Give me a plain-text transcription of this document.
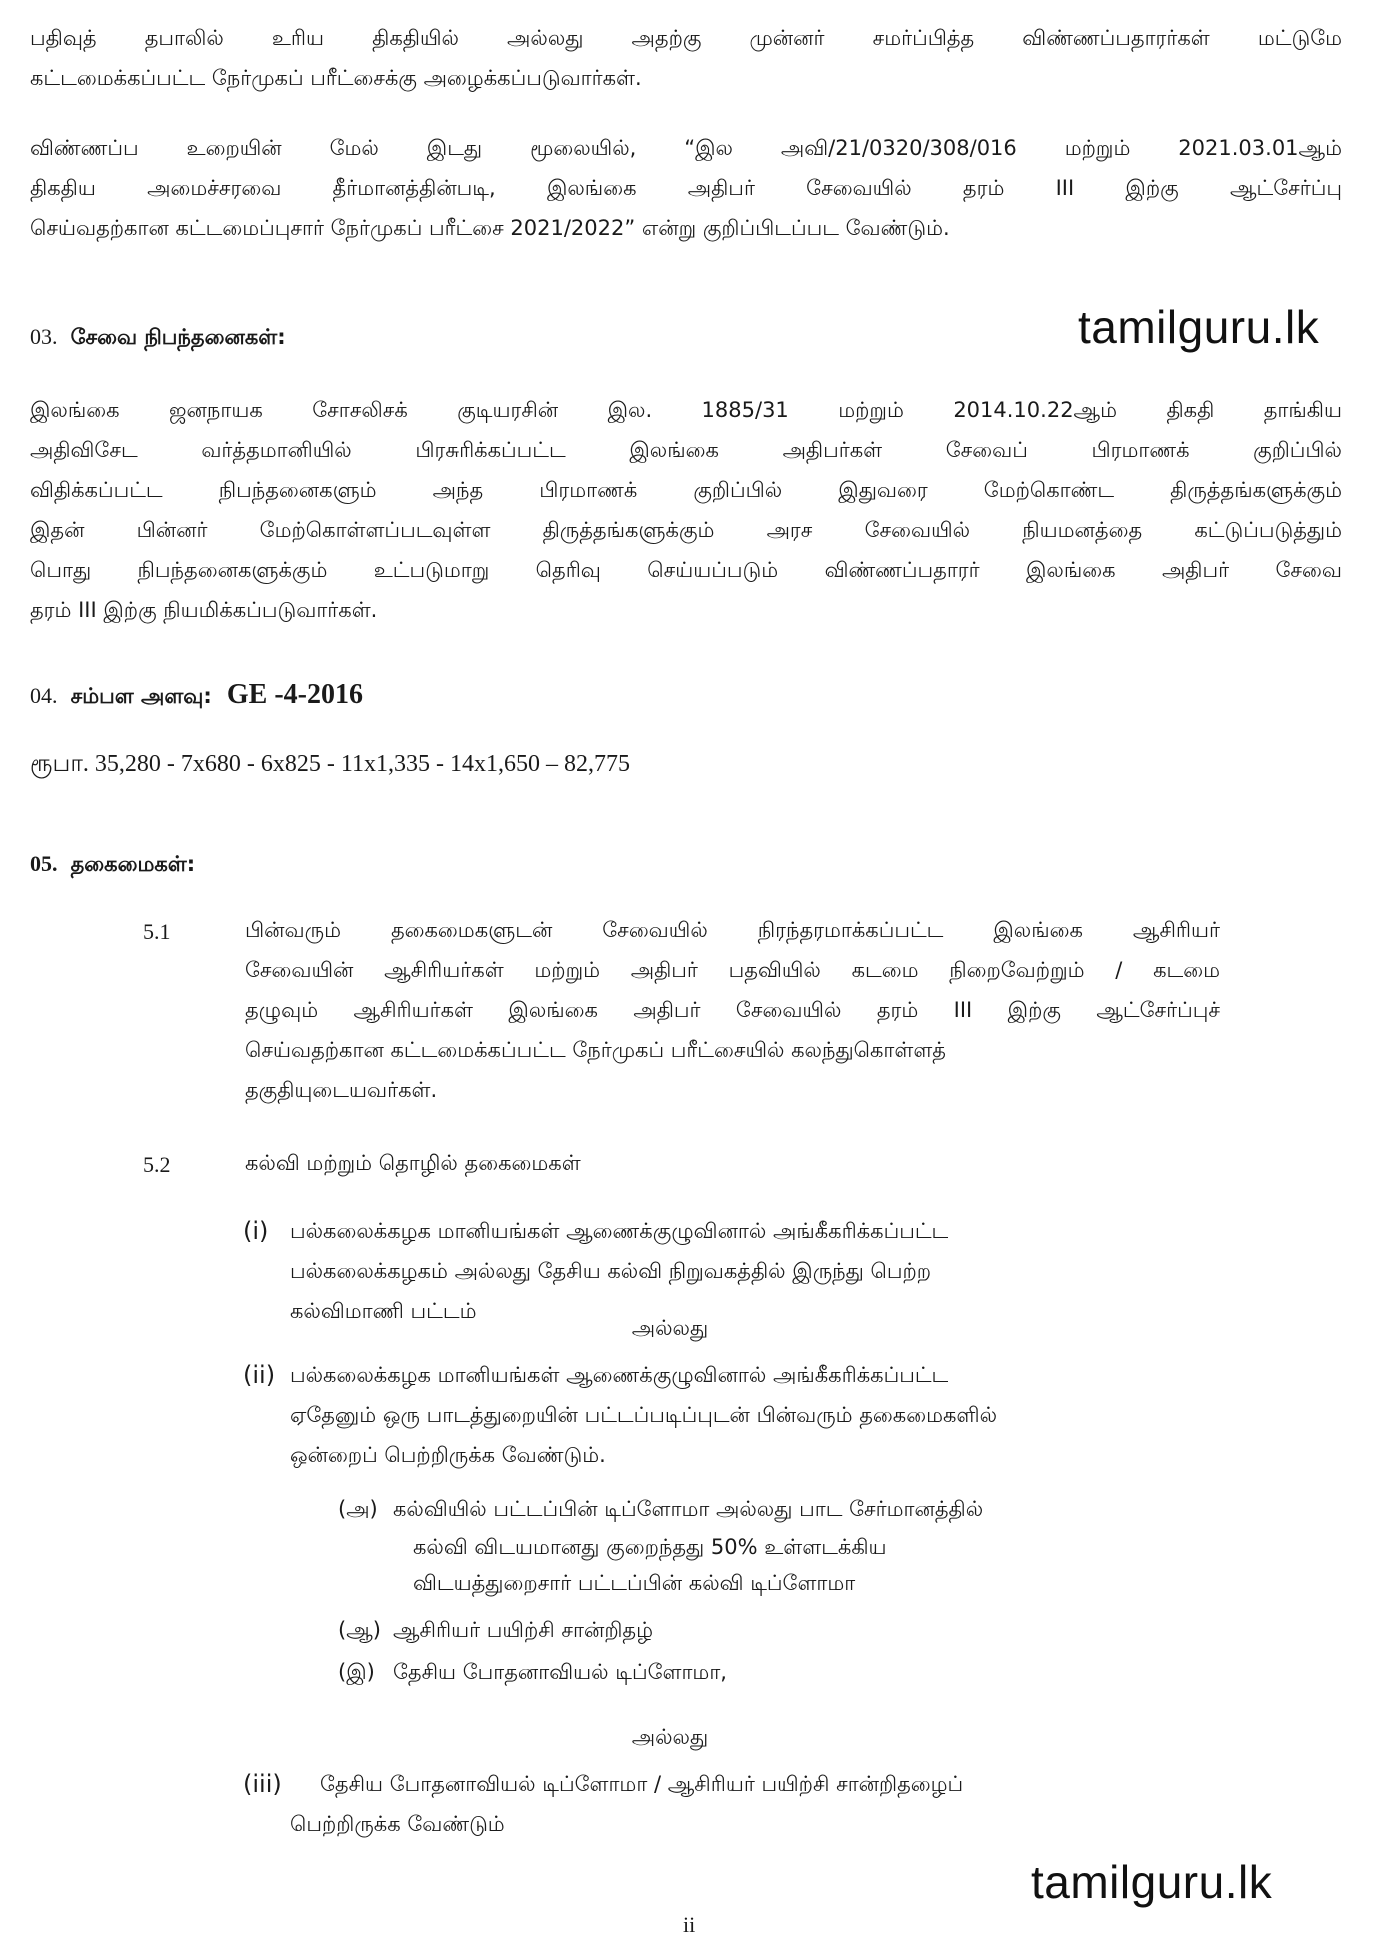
பதிவுத் தபாலில் உரிய திகதியில் அல்லது அதற்கு முன்னர் சமர்ப்பித்த விண்ணப்பதாரர்கள் மட்டுமே
கட்டமைக்கப்பட்ட நேர்முகப் பரீட்சைக்கு அழைக்கப்படுவார்கள்.
விண்ணப்ப உறையின் மேல் இடது மூலையில், “இல அவி/21/0320/308/016 மற்றும் 2021.03.01ஆம்
திகதிய அமைச்சரவை தீர்மானத்தின்படி, இலங்கை அதிபர் சேவையில் தரம் III இற்கு ஆட்சேர்ப்பு
செய்வதற்கான கட்டமைப்புசார் நேர்முகப் பரீட்சை 2021/2022” என்று குறிப்பிடப்பட வேண்டும்.
03. சேவை நிபந்தனைகள்:	tamilguru.lk
இலங்கை ஜனநாயக சோசலிசக் குடியரசின் இல. 1885/31 மற்றும் 2014.10.22ஆம் திகதி தாங்கிய
அதிவிசேட வர்த்தமானியில் பிரசுரிக்கப்பட்ட இலங்கை அதிபர்கள் சேவைப் பிரமாணக் குறிப்பில்
விதிக்கப்பட்ட நிபந்தனைகளும் அந்த பிரமாணக் குறிப்பில் இதுவரை மேற்கொண்ட திருத்தங்களுக்கும்
இதன் பின்னர் மேற்கொள்ளப்படவுள்ள திருத்தங்களுக்கும் அரச சேவையில் நியமனத்தை கட்டுப்படுத்தும்
பொது நிபந்தனைகளுக்கும் உட்படுமாறு தெரிவு செய்யப்படும் விண்ணப்பதாரர் இலங்கை அதிபர் சேவை
தரம் III இற்கு நியமிக்கப்படுவார்கள்.
04. சம்பள அளவு: GE -4-2016
ரூபா. 35,280 - 7x680 - 6x825 - 11x1,335 - 14x1,650 – 82,775
05. தகைமைகள்:
5.1	பின்வரும் தகைமைகளுடன் சேவையில் நிரந்தரமாக்கப்பட்ட இலங்கை ஆசிரியர்
சேவையின் ஆசிரியர்கள் மற்றும் அதிபர் பதவியில் கடமை நிறைவேற்றும் / கடமை
தழுவும் ஆசிரியர்கள் இலங்கை அதிபர் சேவையில் தரம் III இற்கு ஆட்சேர்ப்புச்
செய்வதற்கான கட்டமைக்கப்பட்ட நேர்முகப் பரீட்சையில் கலந்துகொள்ளத்
தகுதியுடையவர்கள்.
5.2	கல்வி மற்றும் தொழில் தகைமைகள்
(i) பல்கலைக்கழக மானியங்கள் ஆணைக்குழுவினால் அங்கீகரிக்கப்பட்ட
பல்கலைக்கழகம் அல்லது தேசிய கல்வி நிறுவகத்தில் இருந்து பெற்ற
கல்விமாணி பட்டம்
அல்லது
(ii) பல்கலைக்கழக மானியங்கள் ஆணைக்குழுவினால் அங்கீகரிக்கப்பட்ட
ஏதேனும் ஒரு பாடத்துறையின் பட்டப்படிப்புடன் பின்வரும் தகைமைகளில்
ஒன்றைப் பெற்றிருக்க வேண்டும்.
(அ) கல்வியில் பட்டப்பின் டிப்ளோமா அல்லது பாட சேர்மானத்தில்
கல்வி விடயமானது குறைந்தது 50% உள்ளடக்கிய
விடயத்துறைசார் பட்டப்பின் கல்வி டிப்ளோமா
(ஆ) ஆசிரியர் பயிற்சி சான்றிதழ்
(இ) தேசிய போதனாவியல் டிப்ளோமா,
அல்லது
(iii) தேசிய போதனாவியல் டிப்ளோமா / ஆசிரியர் பயிற்சி சான்றிதழைப்
பெற்றிருக்க வேண்டும்
tamilguru.lk
ii
